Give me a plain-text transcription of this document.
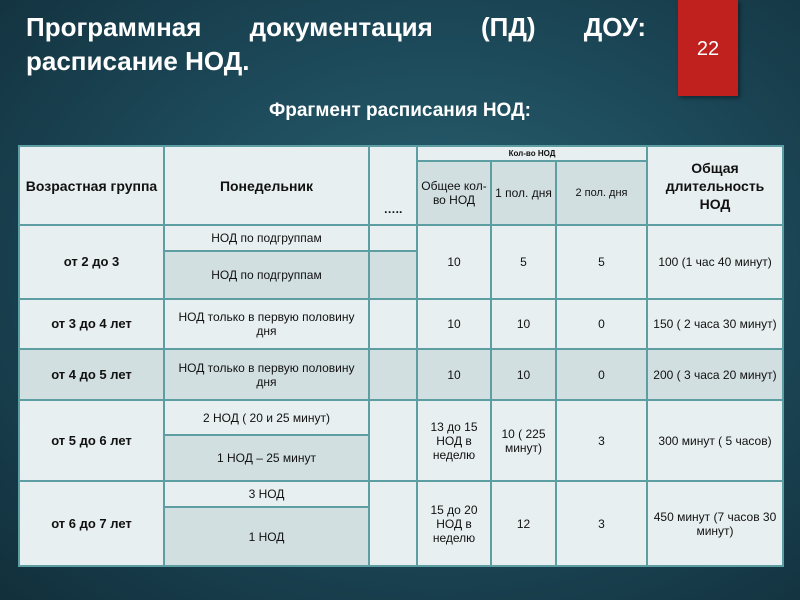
Программная документация (ПД) ДОУ: расписание НОД.	22
Фрагмент расписания НОД:
Возрастная группа	Понедельник	…..	Кол-во НОД			Общая длительность НОД
			Общее кол-во НОД	1 пол. дня	2 пол. дня	
от 2 до 3	НОД по подгруппам		10	5	5	100 (1 час 40 минут)
	НОД по подгруппам					
от 3 до 4 лет	НОД только в первую половину дня		10	10	0	150 ( 2 часа 30 минут)
от 4 до 5 лет	НОД только в первую половину дня		10	10	0	200 ( 3 часа 20 минут)
от 5 до 6 лет	2 НОД ( 20 и 25 минут)		13 до 15 НОД в неделю	10 ( 225 минут)	3	300 минут ( 5 часов)
	1 НОД – 25 минут					
от 6 до 7 лет	3 НОД		15 до 20 НОД в неделю	12	3	450 минут (7 часов 30 минут)
	1 НОД					
